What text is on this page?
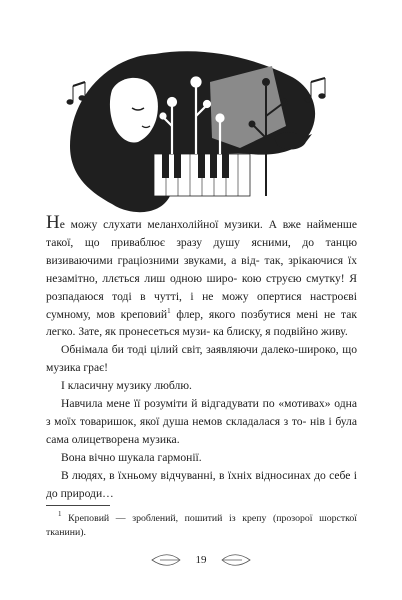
Не можу слухати меланхолійної музики. А вже найменше такої, що приваблює зразу душу ясними, до танцю визиваючими граціозними звуками, а від- так, зрікаючися їх незамітно, ллється лиш одною широ- кою струєю смутку! Я розпадаюся тоді в чутті, і не можу опертися настроєві сумному, мов креповий$^1$ флер, якого позбутися мені не так легко. Зате, як пронесеться музи- ка блиску, я подвійно живу.

Обнімала би тоді цілий світ, заявляючи далеко-широко, що музика грає!

І класичну музику люблю.

Навчила мене її розуміти й відгадувати по «мотивах» одна з моїх товаришок, якої душа немов складалася з то- нів і була сама олицетворена музика.

Вона вічно шукала гармонії.

В людях, в їхньому відчуванні, в їхніх відносинах до себе і до природи…

$^1$ Креповий — зроблений, пошитий із крепу (прозорої шорсткої тканини).

19
